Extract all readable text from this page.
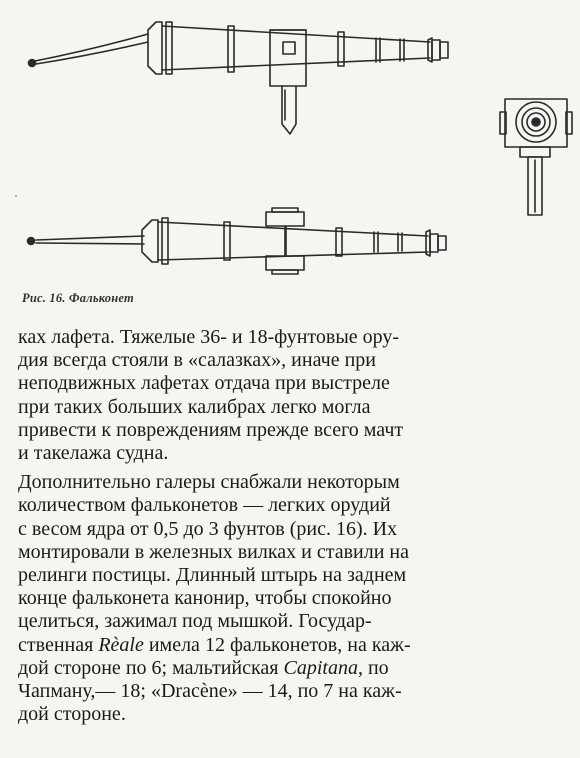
Рис. 16. Фальконет

ках лафета. Тяжелые 36- и 18-фунтовые ору-
дия всегда стояли в «салазках», иначе при
неподвижных лафетах отдача при выстреле
при таких больших калибрах легко могла
привести к повреждениям прежде всего мачт
и такелажа судна.

Дополнительно галеры снабжали некоторым
количеством фальконетов — легких орудий
с весом ядра от 0,5 до 3 фунтов (рис. 16). Их
монтировали в железных вилках и ставили на
релинги постицы. Длинный штырь на заднем
конце фальконета канонир, чтобы спокойно
целиться, зажимал под мышкой. Государ-
ственная Rèale имела 12 фальконетов, на каж-
дой стороне по 6; мальтийская Capitana, по
Чапману,— 18; «Dracène» — 14, по 7 на каж-
дой стороне.
